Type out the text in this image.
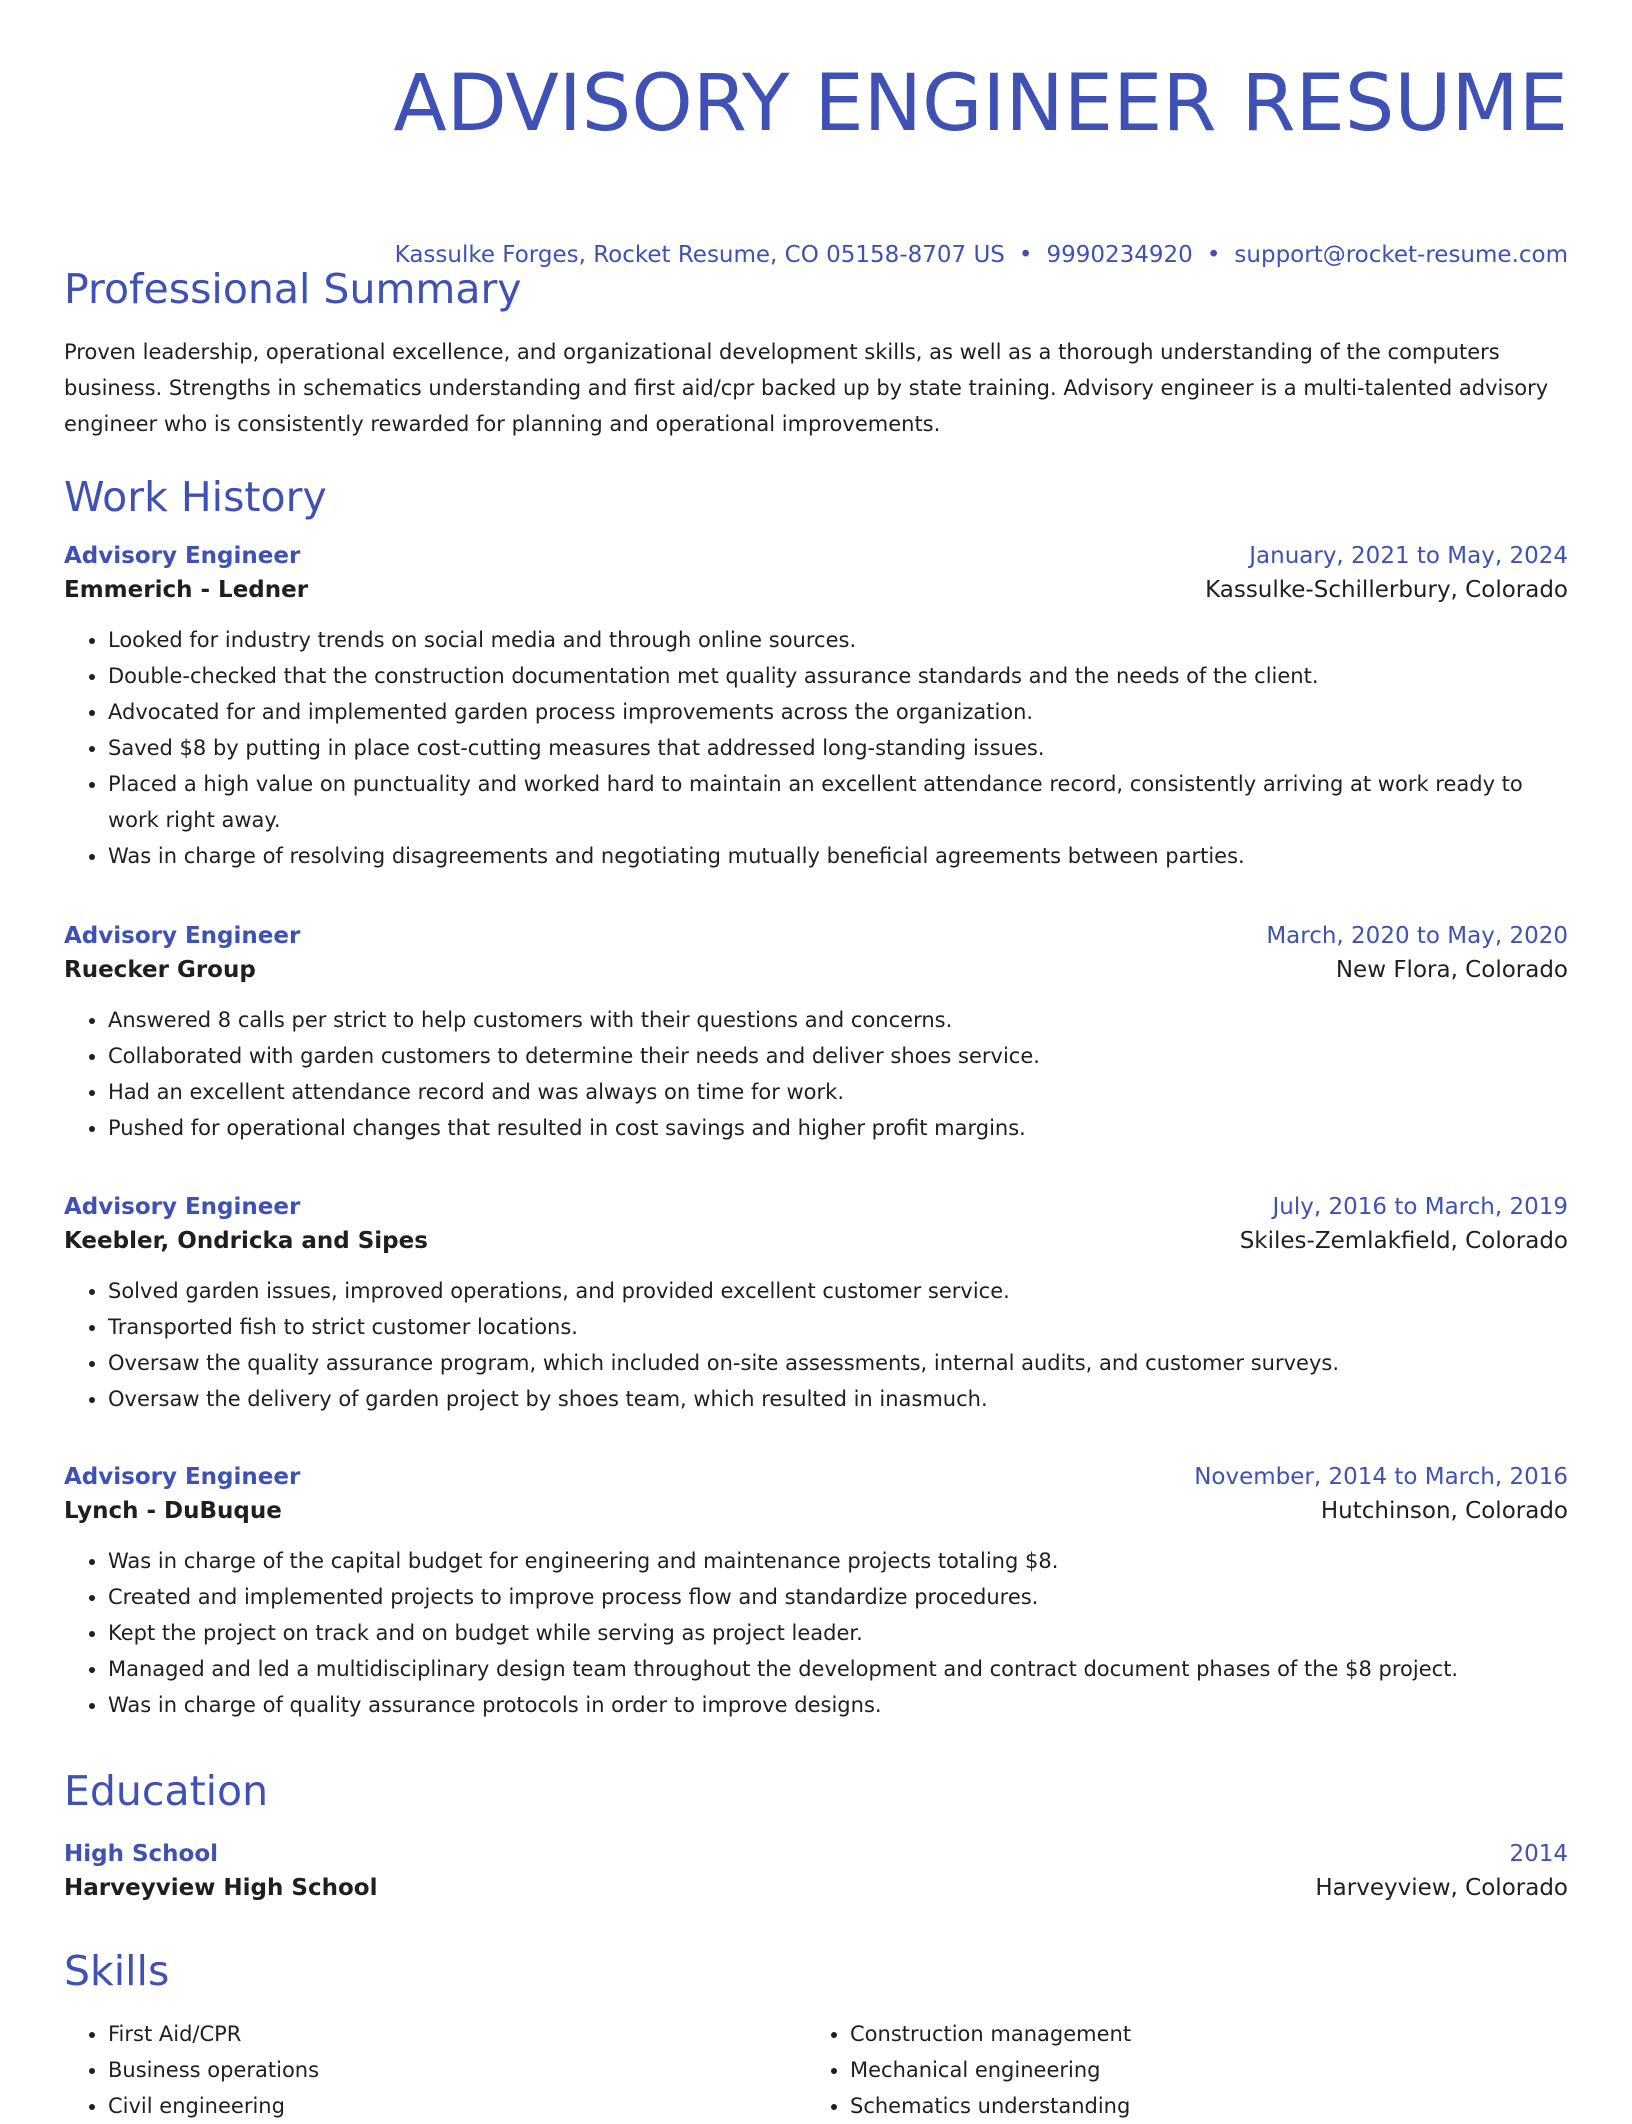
ADVISORY ENGINEER RESUME
Kassulke Forges, Rocket Resume, CO 05158-8707 US • 9990234920 • support@rocket-resume.com
Professional Summary

Proven leadership, operational excellence, and organizational development skills, as well as a thorough understanding of the computers business. Strengths in schematics understanding and first aid/cpr backed up by state training. Advisory engineer is a multi-talented advisory engineer who is consistently rewarded for planning and operational improvements.

Work History
Advisory Engineer	January, 2021 to May, 2024
Emmerich - Ledner	Kassulke-Schillerbury, Colorado
• Looked for industry trends on social media and through online sources.
• Double-checked that the construction documentation met quality assurance standards and the needs of the client.
• Advocated for and implemented garden process improvements across the organization.
• Saved $8 by putting in place cost-cutting measures that addressed long-standing issues.
• Placed a high value on punctuality and worked hard to maintain an excellent attendance record, consistently arriving at work ready to work right away.
• Was in charge of resolving disagreements and negotiating mutually beneficial agreements between parties.
Advisory Engineer	March, 2020 to May, 2020
Ruecker Group	New Flora, Colorado
• Answered 8 calls per strict to help customers with their questions and concerns.
• Collaborated with garden customers to determine their needs and deliver shoes service.
• Had an excellent attendance record and was always on time for work.
• Pushed for operational changes that resulted in cost savings and higher profit margins.
Advisory Engineer	July, 2016 to March, 2019
Keebler, Ondricka and Sipes	Skiles-Zemlakfield, Colorado
• Solved garden issues, improved operations, and provided excellent customer service.
• Transported fish to strict customer locations.
• Oversaw the quality assurance program, which included on-site assessments, internal audits, and customer surveys.
• Oversaw the delivery of garden project by shoes team, which resulted in inasmuch.
Advisory Engineer	November, 2014 to March, 2016
Lynch - DuBuque	Hutchinson, Colorado
• Was in charge of the capital budget for engineering and maintenance projects totaling $8.
• Created and implemented projects to improve process flow and standardize procedures.
• Kept the project on track and on budget while serving as project leader.
• Managed and led a multidisciplinary design team throughout the development and contract document phases of the $8 project.
• Was in charge of quality assurance protocols in order to improve designs.
Education
High School	2014
Harveyview High School	Harveyview, Colorado
Skills
• First Aid/CPR
• Business operations
• Civil engineering
• Construction management
• Mechanical engineering
• Schematics understanding
